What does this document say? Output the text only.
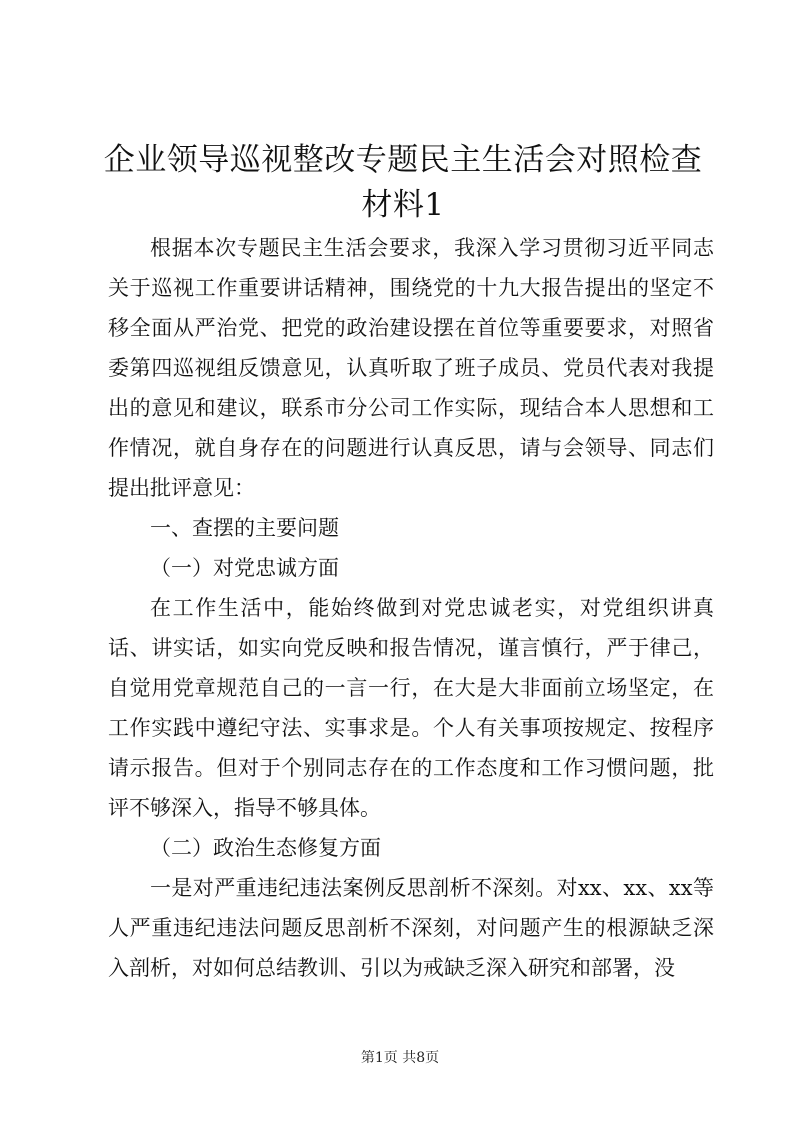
企业领导巡视整改专题民主生活会对照检查材料1

根据本次专题民主生活会要求，我深入学习贯彻习近平同志关于巡视工作重要讲话精神，围绕党的十九大报告提出的坚定不移全面从严治党、把党的政治建设摆在首位等重要要求，对照省委第四巡视组反馈意见，认真听取了班子成员、党员代表对我提出的意见和建议，联系市分公司工作实际，现结合本人思想和工作情况，就自身存在的问题进行认真反思，请与会领导、同志们提出批评意见：

一、查摆的主要问题

（一）对党忠诚方面

在工作生活中，能始终做到对党忠诚老实，对党组织讲真话、讲实话，如实向党反映和报告情况，谨言慎行，严于律己，自觉用党章规范自己的一言一行，在大是大非面前立场坚定，在工作实践中遵纪守法、实事求是。个人有关事项按规定、按程序请示报告。但对于个别同志存在的工作态度和工作习惯问题，批评不够深入，指导不够具体。

（二）政治生态修复方面

一是对严重违纪违法案例反思剖析不深刻。对xx、xx、xx等人严重违纪违法问题反思剖析不深刻，对问题产生的根源缺乏深入剖析，对如何总结教训、引以为戒缺乏深入研究和部署，没

第1页 共8页
